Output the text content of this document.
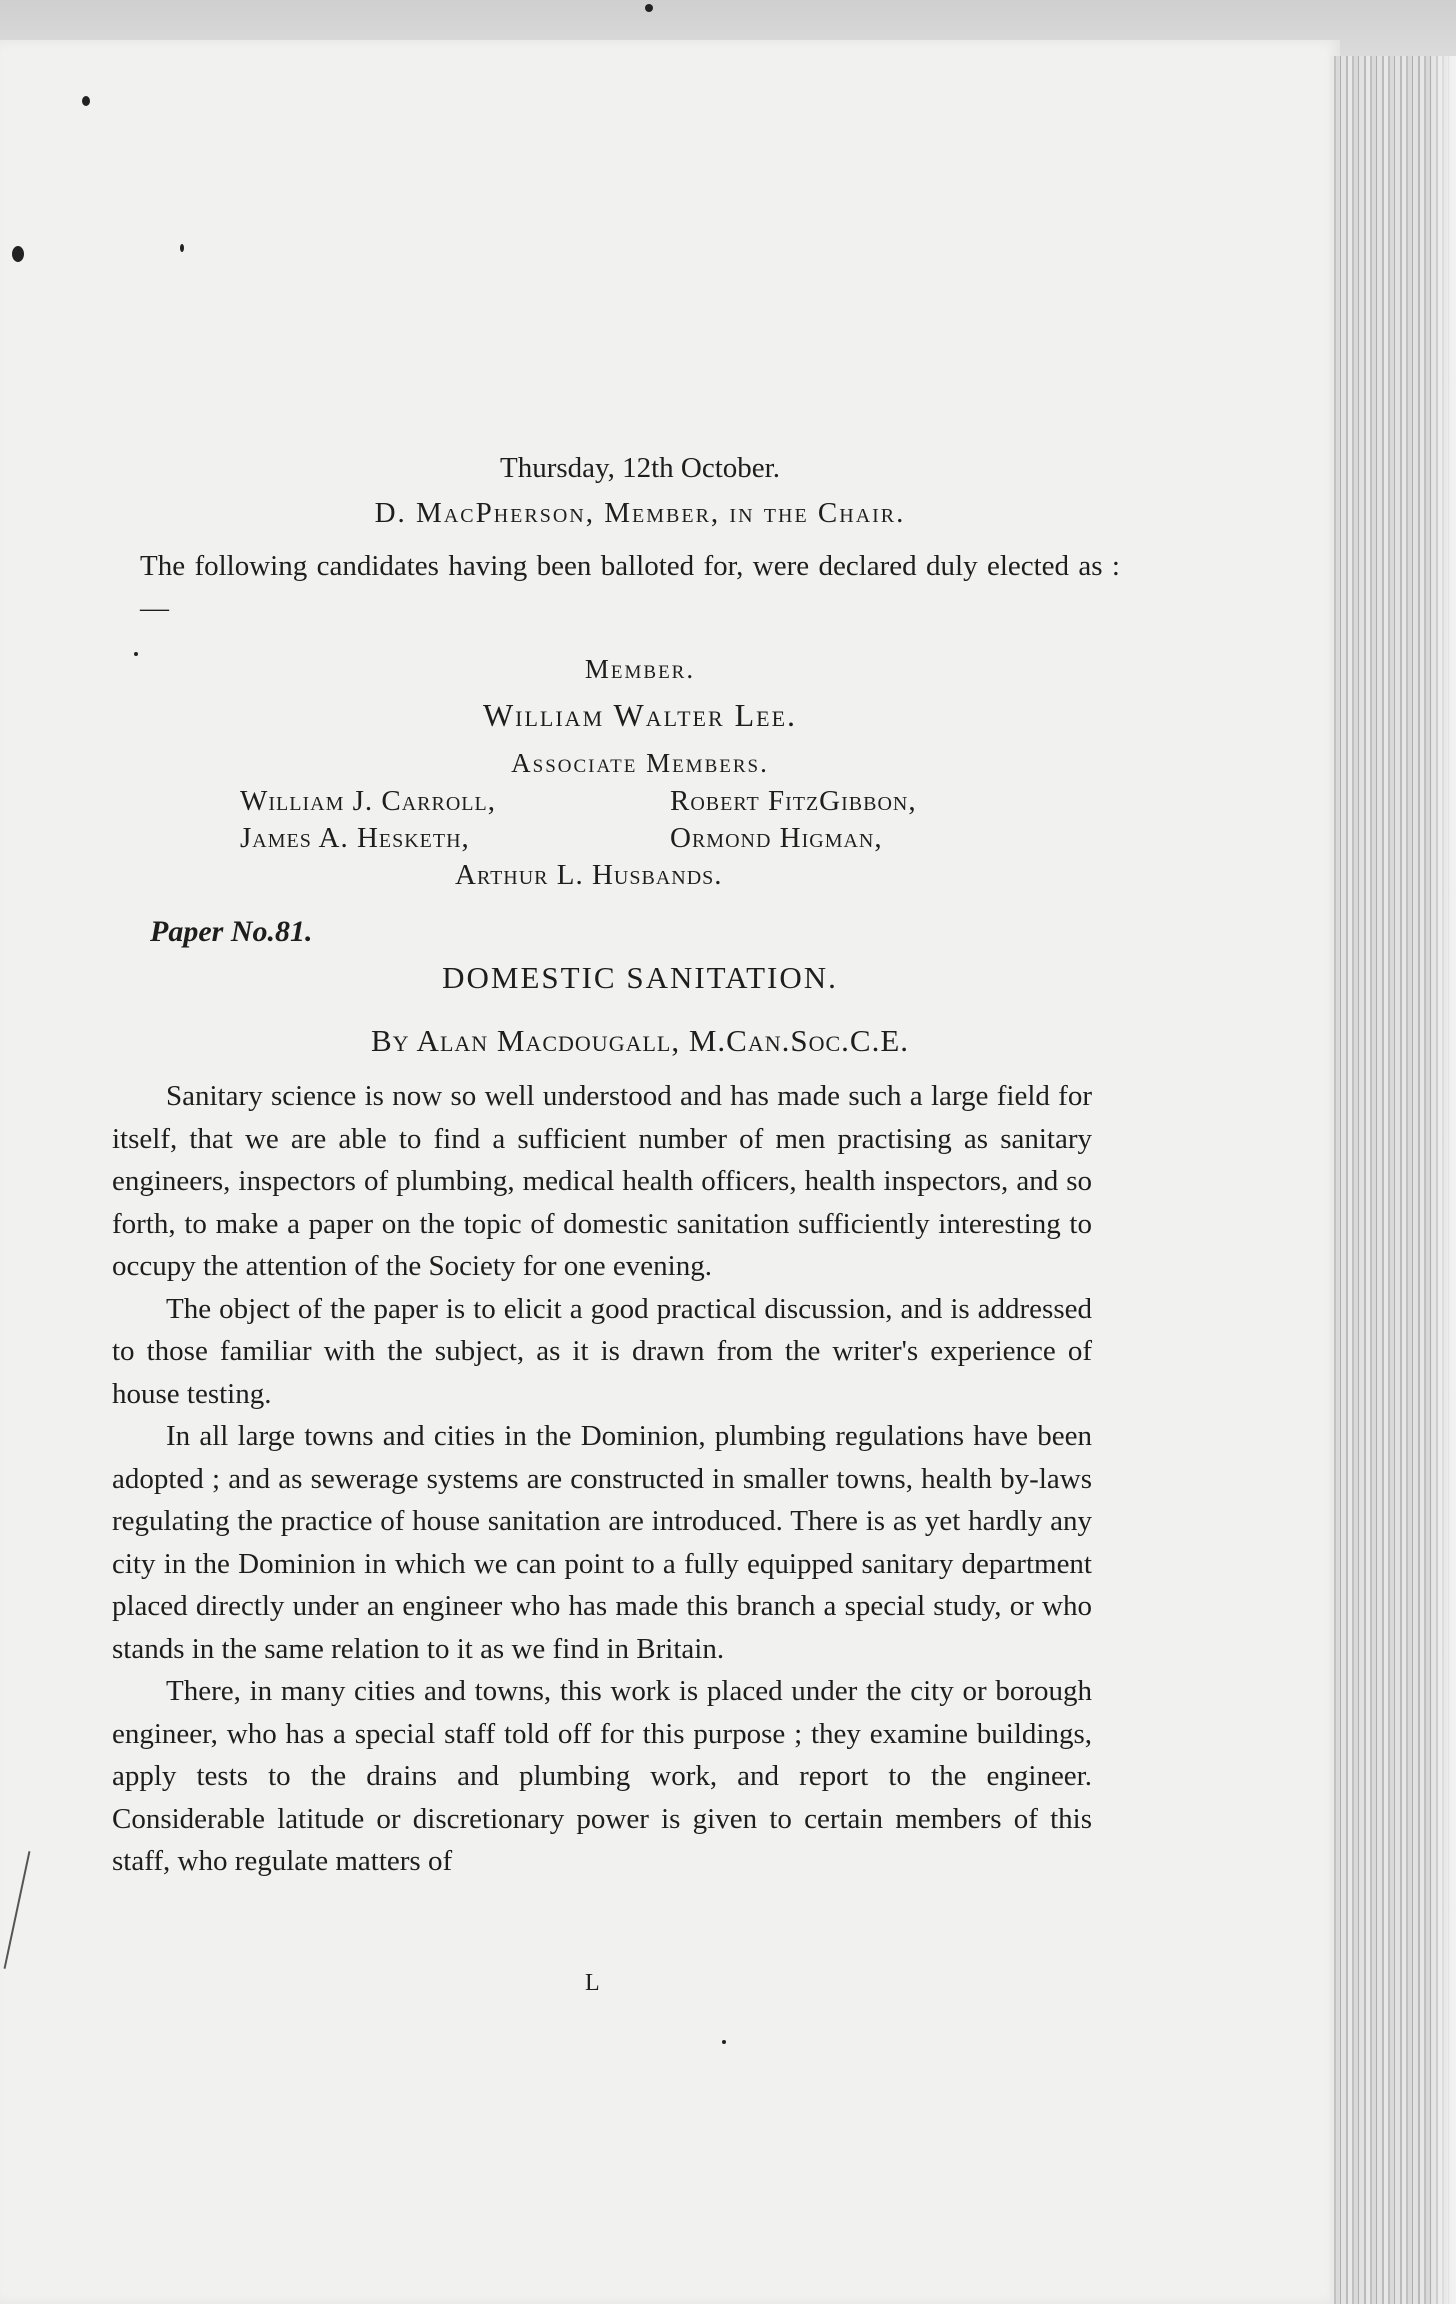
Thursday, 12th October.
D. MacPherson, Member, in the Chair.
The following candidates having been balloted for, were declared duly elected as :—
Member.
William Walter Lee.
Associate Members.
William J. Carroll,	Robert FitzGibbon,
James A. Hesketh,	Ormond Higman,
Arthur L. Husbands.
Paper No.81.
DOMESTIC SANITATION.
By Alan Macdougall, M.Can.Soc.C.E.

Sanitary science is now so well understood and has made such a large field for itself, that we are able to find a sufficient number of men practising as sanitary engineers, inspectors of plumbing, medical health officers, health inspectors, and so forth, to make a paper on the topic of domestic sanitation sufficiently interesting to occupy the attention of the Society for one evening.

The object of the paper is to elicit a good practical discussion, and is addressed to those familiar with the subject, as it is drawn from the writer's experience of house testing.

In all large towns and cities in the Dominion, plumbing regulations have been adopted ; and as sewerage systems are constructed in smaller towns, health by-laws regulating the practice of house sanitation are introduced. There is as yet hardly any city in the Dominion in which we can point to a fully equipped sanitary department placed directly under an engineer who has made this branch a special study, or who stands in the same relation to it as we find in Britain.

There, in many cities and towns, this work is placed under the city or borough engineer, who has a special staff told off for this purpose ; they examine buildings, apply tests to the drains and plumbing work, and report to the engineer. Considerable latitude or discretionary power is given to certain members of this staff, who regulate matters of

L
